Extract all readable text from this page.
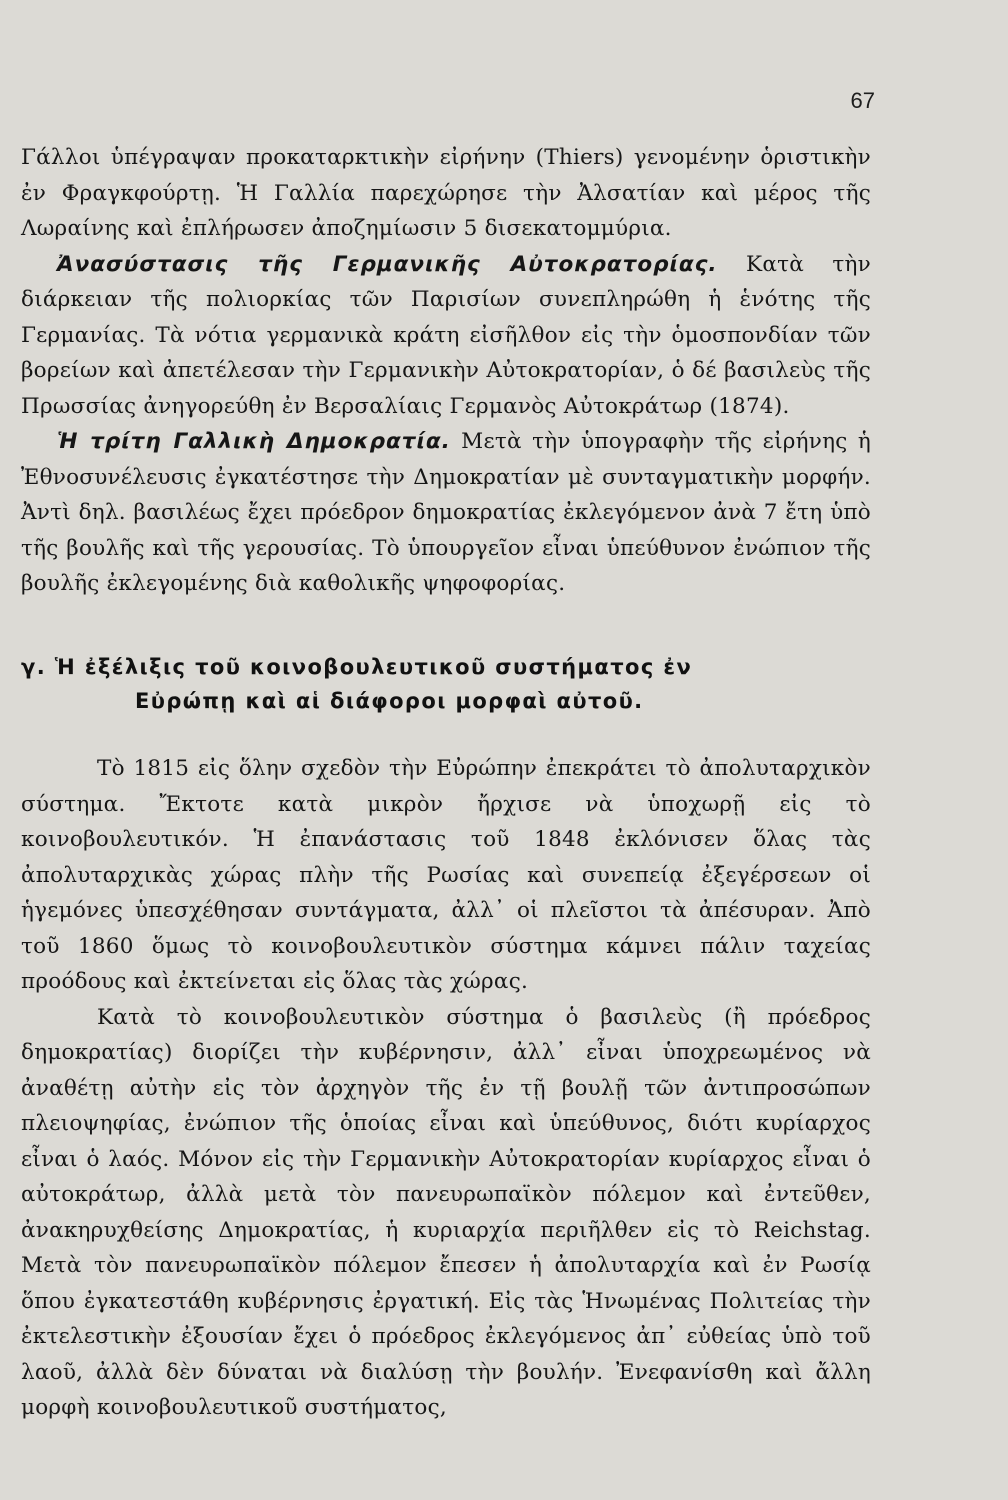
67

Γάλλοι ὑπέγραψαν προκαταρκτικὴν εἰρήνην (Thiers) γενομένην ὁριστικὴν ἐν Φραγκφούρτῃ. Ἡ Γαλλία παρεχώρησε τὴν Ἀλσατίαν καὶ μέρος τῆς Λωραίνης καὶ ἐπλήρωσεν ἀποζημίωσιν 5 δισεκατομμύρια.

Ἀνασύστασις τῆς Γερμανικῆς Αὐτοκρατορίας. Κατὰ τὴν διάρκειαν τῆς πολιορκίας τῶν Παρισίων συνεπληρώθη ἡ ἑνότης τῆς Γερμανίας. Τὰ νότια γερμανικὰ κράτη εἰσῆλθον εἰς τὴν ὁμοσπονδίαν τῶν βορείων καὶ ἀπετέλεσαν τὴν Γερμανικὴν Αὐτοκρατορίαν, ὁ δέ βασιλεὺς τῆς Πρωσσίας ἀνηγορεύθη ἐν Βερσαλίαις Γερμανὸς Αὐτοκράτωρ (1874).

Ἡ τρίτη Γαλλικὴ Δημοκρατία. Μετὰ τὴν ὑπογραφὴν τῆς εἰρήνης ἡ Ἐθνοσυνέλευσις ἐγκατέστησε τὴν Δημοκρατίαν μὲ συνταγματικὴν μορφήν. Ἀντὶ δηλ. βασιλέως ἔχει πρόεδρον δημοκρατίας ἐκλεγόμενον ἀνὰ 7 ἔτη ὑπὸ τῆς βουλῆς καὶ τῆς γερουσίας. Τὸ ὑπουργεῖον εἶναι ὑπεύθυνον ἐνώπιον τῆς βουλῆς ἐκλεγομένης διὰ καθολικῆς ψηφοφορίας.

γ. Ἡ ἐξέλιξις τοῦ κοινοβουλευτικοῦ συστήματος ἐν
Εὐρώπῃ καὶ αἱ διάφοροι μορφαὶ αὐτοῦ.

Τὸ 1815 εἰς ὅλην σχεδὸν τὴν Εὐρώπην ἐπεκράτει τὸ ἀπολυταρχικὸν σύστημα. Ἔκτοτε κατὰ μικρὸν ἤρχισε νὰ ὑποχωρῇ εἰς τὸ κοινοβουλευτικόν. Ἡ ἐπανάστασις τοῦ 1848 ἐκλόνισεν ὅλας τὰς ἀπολυταρχικὰς χώρας πλὴν τῆς Ρωσίας καὶ συνεπείᾳ ἐξεγέρσεων οἱ ἡγεμόνες ὑπεσχέθησαν συντάγματα, ἀλλ᾽ οἱ πλεῖστοι τὰ ἀπέσυραν. Ἀπὸ τοῦ 1860 ὅμως τὸ κοινοβουλευτικὸν σύστημα κάμνει πάλιν ταχείας προόδους καὶ ἐκτείνεται εἰς ὅλας τὰς χώρας.

Κατὰ τὸ κοινοβουλευτικὸν σύστημα ὁ βασιλεὺς (ἢ πρόεδρος δημοκρατίας) διορίζει τὴν κυβέρνησιν, ἀλλ᾽ εἶναι ὑποχρεωμένος νὰ ἀναθέτῃ αὐτὴν εἰς τὸν ἀρχηγὸν τῆς ἐν τῇ βουλῇ τῶν ἀντιπροσώπων πλειοψηφίας, ἐνώπιον τῆς ὁποίας εἶναι καὶ ὑπεύθυνος, διότι κυρίαρχος εἶναι ὁ λαός. Μόνον εἰς τὴν Γερμανικὴν Αὐτοκρατορίαν κυρίαρχος εἶναι ὁ αὐτοκράτωρ, ἀλλὰ μετὰ τὸν πανευρωπαϊκὸν πόλεμον καὶ ἐντεῦθεν, ἀνακηρυχθείσης Δημοκρατίας, ἡ κυριαρχία περιῆλθεν εἰς τὸ Reichstag. Μετὰ τὸν πανευρωπαϊκὸν πόλεμον ἔπεσεν ἡ ἀπολυταρχία καὶ ἐν Ρωσίᾳ ὅπου ἐγκατεστάθη κυβέρνησις ἐργατική. Εἰς τὰς Ἡνωμένας Πολιτείας τὴν ἐκτελεστικὴν ἐξουσίαν ἔχει ὁ πρόεδρος ἐκλεγόμενος ἀπ᾽ εὐθείας ὑπὸ τοῦ λαοῦ, ἀλλὰ δὲν δύναται νὰ διαλύσῃ τὴν βουλήν. Ἐνεφανίσθη καὶ ἄλλη μορφὴ κοινοβουλευτικοῦ συστήματος,
